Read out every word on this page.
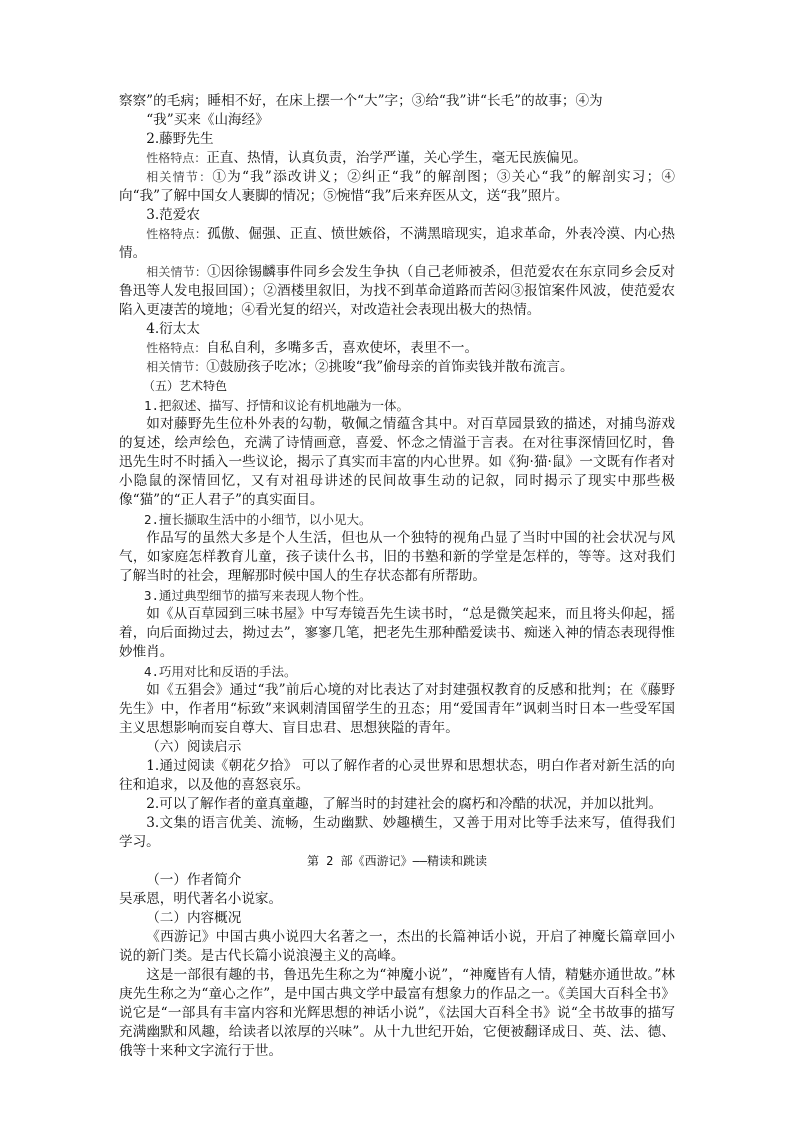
察察”的毛病；睡相不好，在床上摆一个“大”字；③给“我”讲“长毛”的故事；④为

“我”买来《山海经》

2.藤野先生

性格特点：正直、热情，认真负责，治学严谨，关心学生，毫无民族偏见。

相关情节：①为“我”添改讲义；②纠正“我”的解剖图；③关心“我”的解剖实习；④向“我”了解中国女人裹脚的情况；⑤惋惜“我”后来弃医从文，送“我”照片。

3.范爱农

性格特点：孤傲、倔强、正直、愤世嫉俗，不满黑暗现实，追求革命，外表冷漠、内心热情。

相关情节：①因徐锡麟事件同乡会发生争执（自己老师被杀，但范爱农在东京同乡会反对鲁迅等人发电报回国）；②酒楼里叙旧，为找不到革命道路而苦闷③报馆案件风波，使范爱农陷入更凄苦的境地；④看光复的绍兴，对改造社会表现出极大的热情。

4.衍太太

性格特点：自私自利，多嘴多舌，喜欢使坏，表里不一。

相关情节：①鼓励孩子吃冰；②挑唆“我”偷母亲的首饰卖钱并散布流言。

（五）艺术特色

1.把叙述、描写、抒情和议论有机地融为一体。

如对藤野先生位朴外表的勾勒，敬佩之情蕴含其中。对百草园景致的描述，对捕鸟游戏的复述，绘声绘色，充满了诗情画意，喜爱、怀念之情溢于言表。在对往事深情回忆时，鲁迅先生时不时插入一些议论，揭示了真实而丰富的内心世界。如《狗·猫·鼠》一文既有作者对小隐鼠的深情回忆，又有对祖母讲述的民间故事生动的记叙，同时揭示了现实中那些极像“猫”的“正人君子”的真实面目。

2.擅长撷取生活中的小细节，以小见大。

作品写的虽然大多是个人生活，但也从一个独特的视角凸显了当时中国的社会状况与风气，如家庭怎样教育儿童，孩子读什么书，旧的书塾和新的学堂是怎样的，等等。这对我们了解当时的社会，理解那时候中国人的生存状态都有所帮助。

3.通过典型细节的描写来表现人物个性。

如《从百草园到三味书屋》中写寿镜吾先生读书时，“总是微笑起来，而且将头仰起，摇着，向后面拗过去，拗过去”，寥寥几笔，把老先生那种酷爱读书、痴迷入神的情态表现得惟妙惟肖。

4.巧用对比和反语的手法。

如《五猖会》通过“我”前后心境的对比表达了对封建强权教育的反感和批判；在《藤野先生》中，作者用“标致”来讽刺清国留学生的丑态；用“爱国青年”讽刺当时日本一些受军国主义思想影响而妄自尊大、盲目忠君、思想狭隘的青年。

（六）阅读启示

1.通过阅读《朝花夕拾》 可以了解作者的心灵世界和思想状态，明白作者对新生活的向往和追求，以及他的喜怒哀乐。

2.可以了解作者的童真童趣，了解当时的封建社会的腐朽和冷酷的状况，并加以批判。

3.文集的语言优美、流畅，生动幽默、妙趣横生，又善于用对比等手法来写，值得我们学习。

第 2 部《西游记》——精读和跳读

（一）作者简介

吴承恩，明代著名小说家。

（二）内容概况

《西游记》中国古典小说四大名著之一，杰出的长篇神话小说，开启了神魔长篇章回小说的新门类。是古代长篇小说浪漫主义的高峰。

这是一部很有趣的书，鲁迅先生称之为“神魔小说”，“神魔皆有人情，精魅亦通世故。”林庚先生称之为“童心之作”，是中国古典文学中最富有想象力的作品之一。《美国大百科全书》说它是“一部具有丰富内容和光辉思想的神话小说”，《法国大百科全书》说“全书故事的描写充满幽默和风趣，给读者以浓厚的兴味”。从十九世纪开始，它便被翻译成日、英、法、德、俄等十来种文字流行于世。
